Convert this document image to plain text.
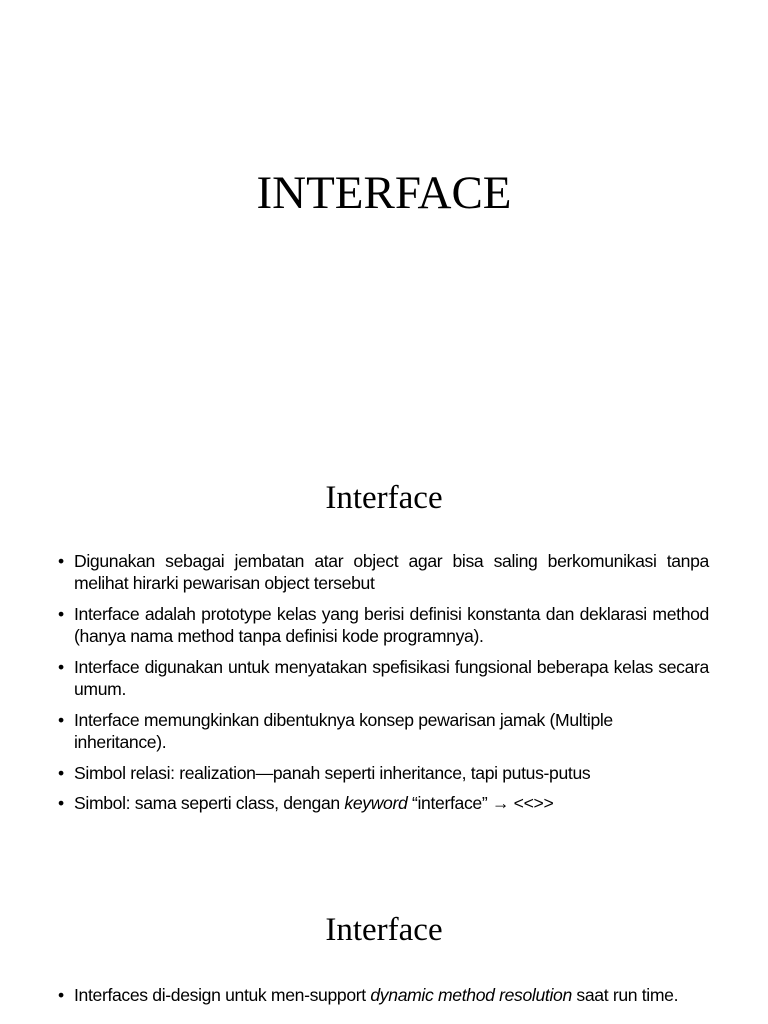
INTERFACE
Interface
• Digunakan sebagai jembatan atar object agar bisa saling berkomunikasi tanpa melihat hirarki pewarisan object tersebut
• Interface adalah prototype kelas yang berisi definisi konstanta dan deklarasi method (hanya nama method tanpa definisi kode programnya).
• Interface digunakan untuk menyatakan spefisikasi fungsional beberapa kelas secara umum.
• Interface memungkinkan dibentuknya konsep pewarisan jamak (Multiple inheritance).
• Simbol relasi: realization—panah seperti inheritance, tapi putus-putus
• Simbol: sama seperti class, dengan keyword “interface” → <<>>
Interface
• Interfaces di-design untuk men-support dynamic method resolution saat run time.
